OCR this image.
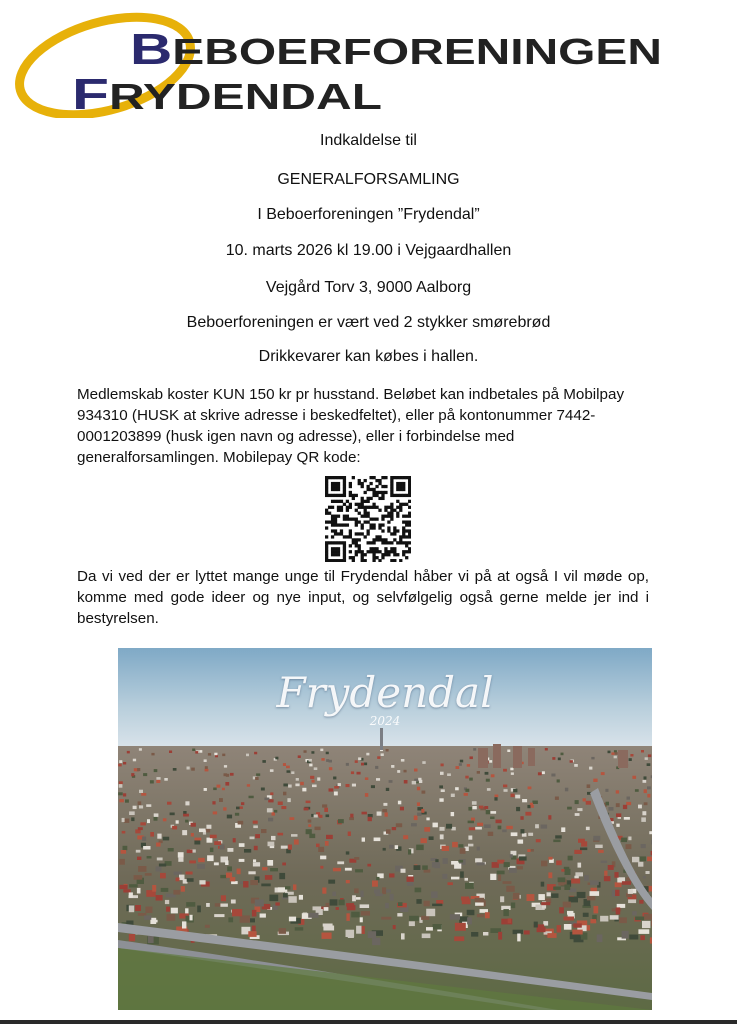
B EBOERFORENINGEN
F RYDENDAL
Indkaldelse til
GENERALFORSAMLING
I Beboerforeningen ”Frydendal”
10. marts 2026 kl 19.00 i Vejgaardhallen
Vejgård Torv 3, 9000 Aalborg
Beboerforeningen er vært ved 2 stykker smørebrød
Drikkevarer kan købes i hallen.

Medlemskab koster KUN 150 kr pr husstand. Beløbet kan indbetales på Mobilpay 934310 (HUSK at skrive adresse i beskedfeltet), eller på kontonummer 7442-0001203899 (husk igen navn og adresse), eller i forbindelse med generalforsamlingen. Mobilepay QR kode:

Da vi ved der er lyttet mange unge til Frydendal håber vi på at også I vil møde op, komme med gode ideer og nye input, og selvfølgelig også gerne melde jer ind i bestyrelsen.

Frydendal
2024
